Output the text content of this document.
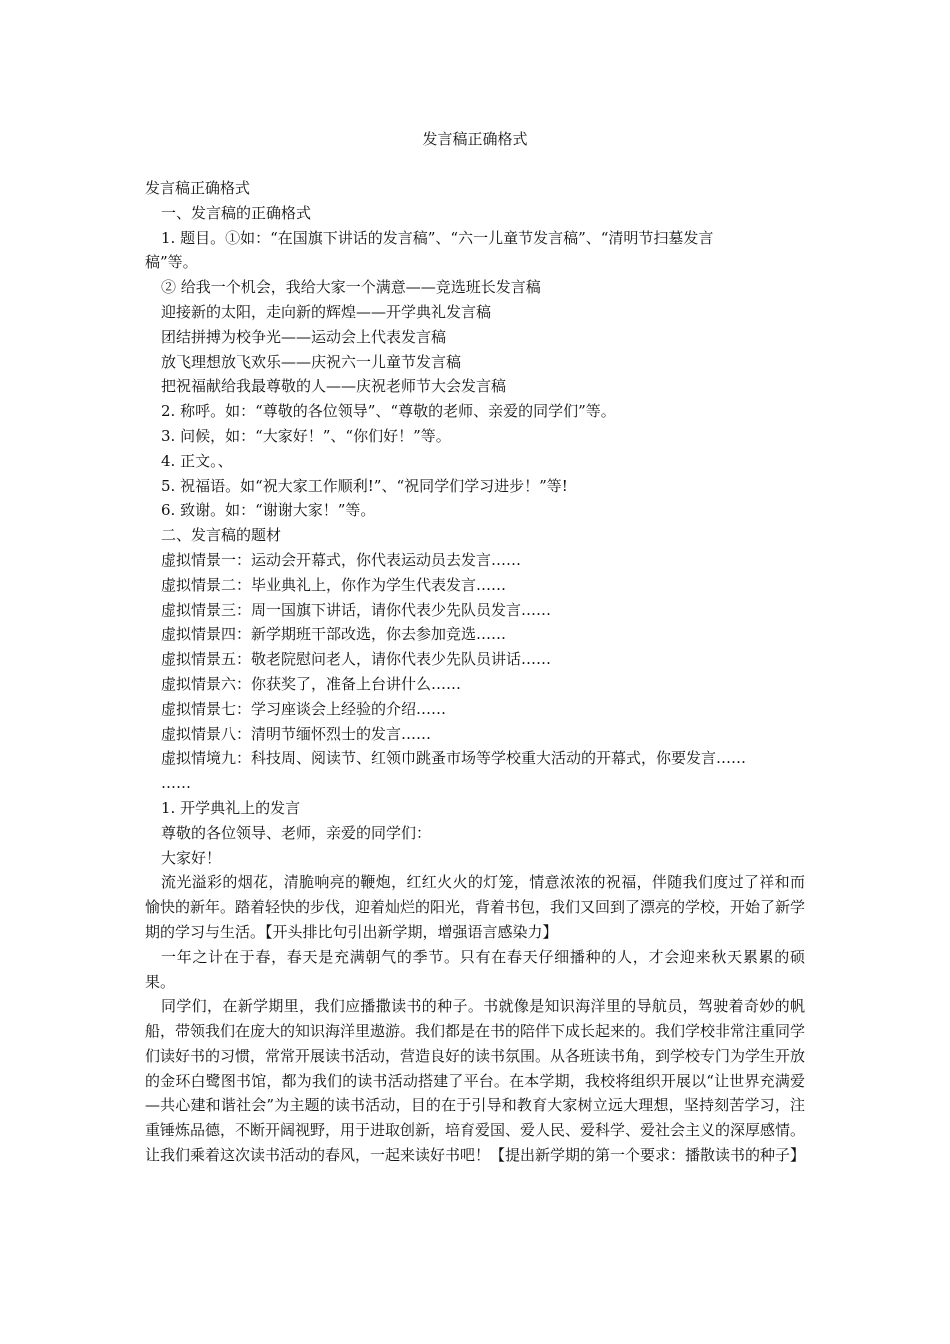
发言稿正确格式

发言稿正确格式

一、发言稿的正确格式

1. 题目。①如：“在国旗下讲话的发言稿”、“六一儿童节发言稿”、“清明节扫墓发言

稿”等。

② 给我一个机会，我给大家一个满意——竞选班长发言稿

迎接新的太阳，走向新的辉煌——开学典礼发言稿

团结拼搏为校争光——运动会上代表发言稿

放飞理想放飞欢乐——庆祝六一儿童节发言稿

把祝福献给我最尊敬的人——庆祝老师节大会发言稿

2. 称呼。如：“尊敬的各位领导”、“尊敬的老师、亲爱的同学们”等。

3. 问候，如：“大家好！”、“你们好！”等。

4. 正文。、

5. 祝福语。如“祝大家工作顺利!”、“祝同学们学习进步！”等!

6. 致谢。如：“谢谢大家！”等。

二、发言稿的题材

虚拟情景一：运动会开幕式，你代表运动员去发言……

虚拟情景二：毕业典礼上，你作为学生代表发言……

虚拟情景三：周一国旗下讲话，请你代表少先队员发言……

虚拟情景四：新学期班干部改选，你去参加竞选……

虚拟情景五：敬老院慰问老人，请你代表少先队员讲话……

虚拟情景六：你获奖了，准备上台讲什么……

虚拟情景七：学习座谈会上经验的介绍……

虚拟情景八：清明节缅怀烈士的发言……

虚拟情境九：科技周、阅读节、红领巾跳蚤市场等学校重大活动的开幕式，你要发言……

……

1. 开学典礼上的发言

尊敬的各位领导、老师，亲爱的同学们：

大家好！

流光溢彩的烟花，清脆响亮的鞭炮，红红火火的灯笼，情意浓浓的祝福，伴随我们度过了祥和而愉快的新年。踏着轻快的步伐，迎着灿烂的阳光，背着书包，我们又回到了漂亮的学校，开始了新学期的学习与生活。【开头排比句引出新学期，增强语言感染力】

一年之计在于春，春天是充满朝气的季节。只有在春天仔细播种的人，才会迎来秋天累累的硕果。

同学们，在新学期里，我们应播撒读书的种子。书就像是知识海洋里的导航员，驾驶着奇妙的帆船，带领我们在庞大的知识海洋里遨游。我们都是在书的陪伴下成长起来的。我们学校非常注重同学们读好书的习惯，常常开展读书活动，营造良好的读书氛围。从各班读书角，到学校专门为学生开放的金环白鹭图书馆，都为我们的读书活动搭建了平台。在本学期，我校将组织开展以“让世界充满爱—共心建和谐社会”为主题的读书活动，目的在于引导和教育大家树立远大理想，坚持刻苦学习，注重锤炼品德，不断开阔视野，用于进取创新，培育爱国、爱人民、爱科学、爱社会主义的深厚感情。让我们乘着这次读书活动的春风，一起来读好书吧！【提出新学期的第一个要求：播散读书的种子】
